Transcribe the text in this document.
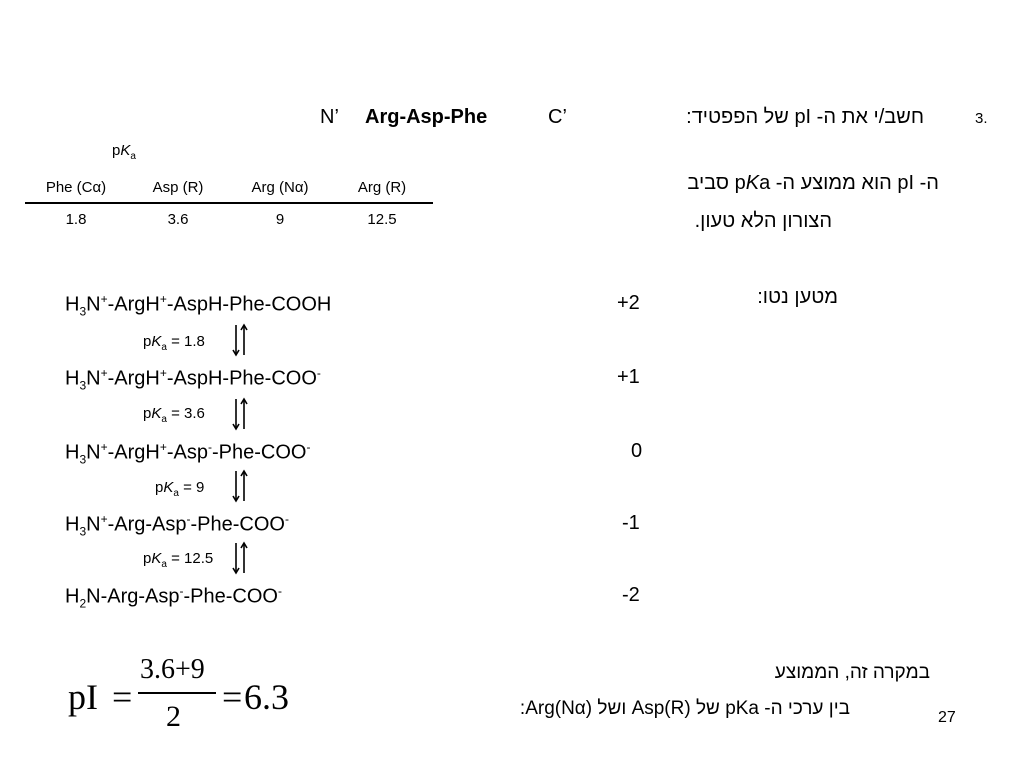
3.
חשב/י את ה- pI של הפפטיד:
N’ Arg-Asp-Phe	C’
$pK_a$
Phe (Cα)	Asp (R)	Arg (Nα)	Arg (R)
1.8	3.6	9	12.5
ה- pI הוא ממוצע ה- pKa סביב
הצורון הלא טעון.
מטען נטו:
$H_3N^+-ArgH^+-AspH-Phe$-COOH
$H_3N^+-ArgH^+-AspH-Phe-COO^-$
$H_3N^+-ArgH^+-Asp^--Phe-COO^-$
$H_3N^+-Arg-Asp^--Phe-COO^-$
$H_2N-Arg-Asp^--Phe-COO^-$
+2
+1
0
-1
-2
$pK_a = 1.8$
$pK_a = 3.6$
$pK_a = 9$
$pK_a = 12.5$
במקרה זה, הממוצע
בין ערכי ה- pKa של Asp(R) ושל Arg(Nα):
pI =
3.6+9
2 = 6.3
27
